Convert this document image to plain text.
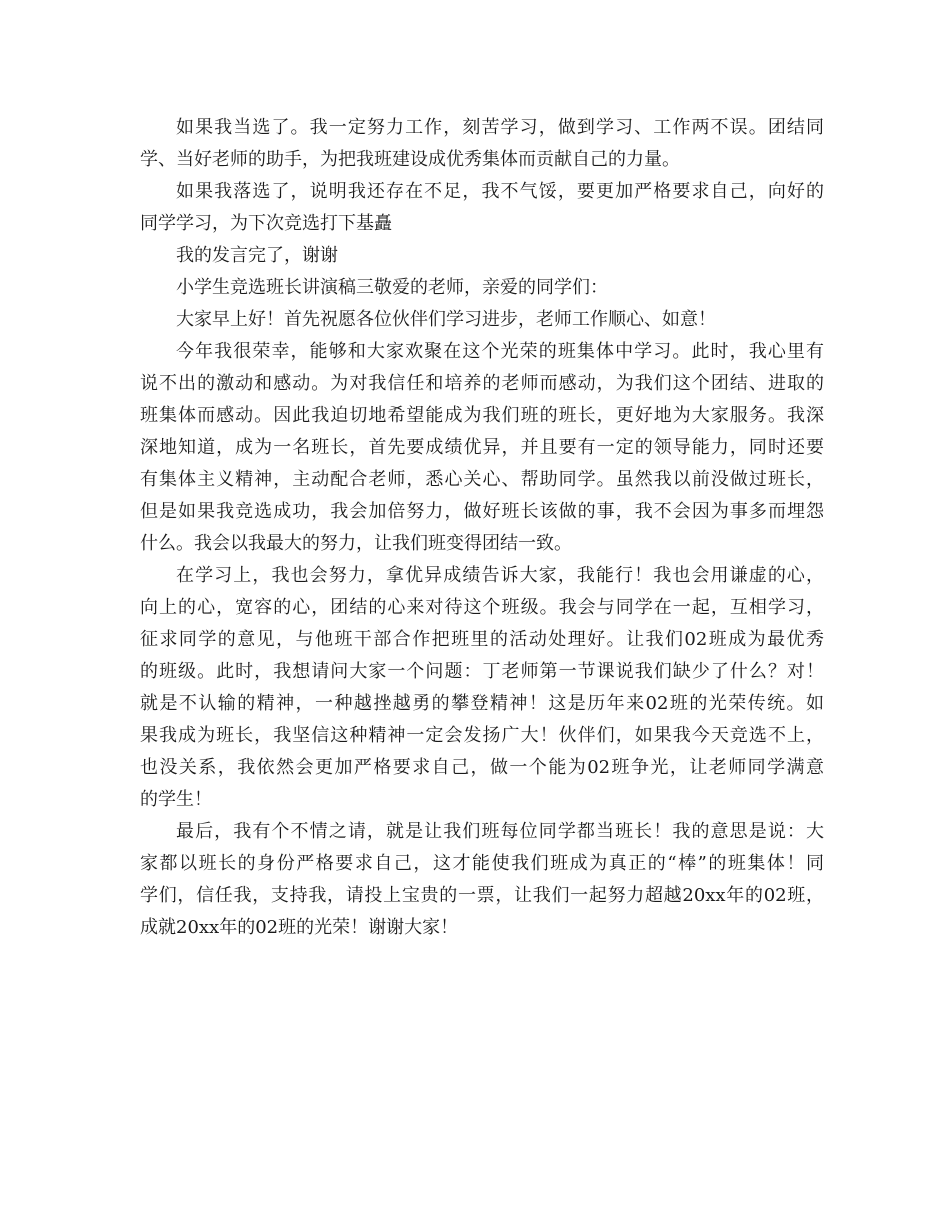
如果我当选了。我一定努力工作，刻苦学习，做到学习、工作两不误。团结同
学、当好老师的助手，为把我班建设成优秀集体而贡献自己的力量。
如果我落选了，说明我还存在不足，我不气馁，要更加严格要求自己，向好的
同学学习，为下次竞选打下基矗
我的发言完了，谢谢
小学生竞选班长讲演稿三敬爱的老师，亲爱的同学们：
大家早上好！首先祝愿各位伙伴们学习进步，老师工作顺心、如意！
今年我很荣幸，能够和大家欢聚在这个光荣的班集体中学习。此时，我心里有
说不出的激动和感动。为对我信任和培养的老师而感动，为我们这个团结、进取的
班集体而感动。因此我迫切地希望能成为我们班的班长，更好地为大家服务。我深
深地知道，成为一名班长，首先要成绩优异，并且要有一定的领导能力，同时还要
有集体主义精神，主动配合老师，悉心关心、帮助同学。虽然我以前没做过班长，
但是如果我竞选成功，我会加倍努力，做好班长该做的事，我不会因为事多而埋怨
什么。我会以我最大的努力，让我们班变得团结一致。
在学习上，我也会努力，拿优异成绩告诉大家，我能行！我也会用谦虚的心，
向上的心，宽容的心，团结的心来对待这个班级。我会与同学在一起，互相学习，
征求同学的意见，与他班干部合作把班里的活动处理好。让我们02班成为最优秀
的班级。此时，我想请问大家一个问题：丁老师第一节课说我们缺少了什么？对！
就是不认输的精神，一种越挫越勇的攀登精神！这是历年来02班的光荣传统。如
果我成为班长，我坚信这种精神一定会发扬广大！伙伴们，如果我今天竞选不上，
也没关系，我依然会更加严格要求自己，做一个能为02班争光，让老师同学满意
的学生！
最后，我有个不情之请，就是让我们班每位同学都当班长！我的意思是说：大
家都以班长的身份严格要求自己，这才能使我们班成为真正的“棒”的班集体！同
学们，信任我，支持我，请投上宝贵的一票，让我们一起努力超越20xx年的02班，
成就20xx年的02班的光荣！谢谢大家！
